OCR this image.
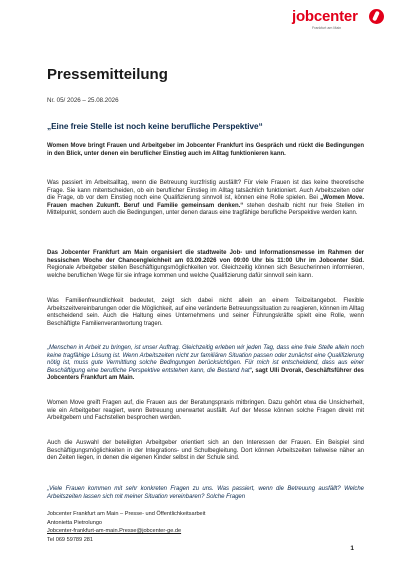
jobcenter
Frankfurt am Main
Pressemitteilung
Nr. 05/ 2026 – 25.08.2026
„Eine freie Stelle ist noch keine berufliche Perspektive“
Women Move bringt Frauen und Arbeitgeber im Jobcenter Frankfurt ins Gespräch und rückt die Bedingungen in den Blick, unter denen ein beruflicher Einstieg auch im Alltag funktionieren kann.
Was passiert im Arbeitsalltag, wenn die Betreuung kurzfristig ausfällt? Für viele Frauen ist das keine theoretische Frage. Sie kann mitentscheiden, ob ein beruflicher Einstieg im Alltag tatsächlich funktioniert. Auch Arbeitszeiten oder die Frage, ob vor dem Einstieg noch eine Qualifizierung sinnvoll ist, können eine Rolle spielen. Bei „Women Move. Frauen machen Zukunft. Beruf und Familie gemeinsam denken.“ stehen deshalb nicht nur freie Stellen im Mittelpunkt, sondern auch die Bedingungen, unter denen daraus eine tragfähige berufliche Perspektive werden kann.
Das Jobcenter Frankfurt am Main organisiert die stadtweite Job- und Informationsmesse im Rahmen der hessischen Woche der Chancengleichheit am 03.09.2026 von 09:00 Uhr bis 11:00 Uhr im Jobcenter Süd. Regionale Arbeitgeber stellen Beschäftigungsmöglichkeiten vor. Gleichzeitig können sich Besucherinnen informieren, welche beruflichen Wege für sie infrage kommen und welche Qualifizierung dafür sinnvoll sein kann.
Was Familienfreundlichkeit bedeutet, zeigt sich dabei nicht allein an einem Teilzeitangebot. Flexible Arbeitszeitvereinbarungen oder die Möglichkeit, auf eine veränderte Betreuungssituation zu reagieren, können im Alltag entscheidend sein. Auch die Haltung eines Unternehmens und seiner Führungskräfte spielt eine Rolle, wenn Beschäftigte Familienverantwortung tragen.
„Menschen in Arbeit zu bringen, ist unser Auftrag. Gleichzeitig erleben wir jeden Tag, dass eine freie Stelle allein noch keine tragfähige Lösung ist. Wenn Arbeitszeiten nicht zur familiären Situation passen oder zunächst eine Qualifizierung nötig ist, muss gute Vermittlung solche Bedingungen berücksichtigen. Für mich ist entscheidend, dass aus einer Beschäftigung eine berufliche Perspektive entstehen kann, die Bestand hat“, sagt Ulli Dvorak, Geschäftsführer des Jobcenters Frankfurt am Main.
Women Move greift Fragen auf, die Frauen aus der Beratungspraxis mitbringen. Dazu gehört etwa die Unsicherheit, wie ein Arbeitgeber reagiert, wenn Betreuung unerwartet ausfällt. Auf der Messe können solche Fragen direkt mit Arbeitgebern und Fachstellen besprochen werden.
Auch die Auswahl der beteiligten Arbeitgeber orientiert sich an den Interessen der Frauen. Ein Beispiel sind Beschäftigungsmöglichkeiten in der Integrations- und Schulbegleitung. Dort können Arbeitszeiten teilweise näher an den Zeiten liegen, in denen die eigenen Kinder selbst in der Schule sind.
„Viele Frauen kommen mit sehr konkreten Fragen zu uns. Was passiert, wenn die Betreuung ausfällt? Welche Arbeitszeiten lassen sich mit meiner Situation vereinbaren? Solche Fragen
Jobcenter Frankfurt am Main – Presse- und Öffentlichkeitsarbeit
Antonietta Pietrolungo
Jobcenter-frankfurt-am-main.Presse@jobcenter-ge.de
Tel 069 59789 281
1
